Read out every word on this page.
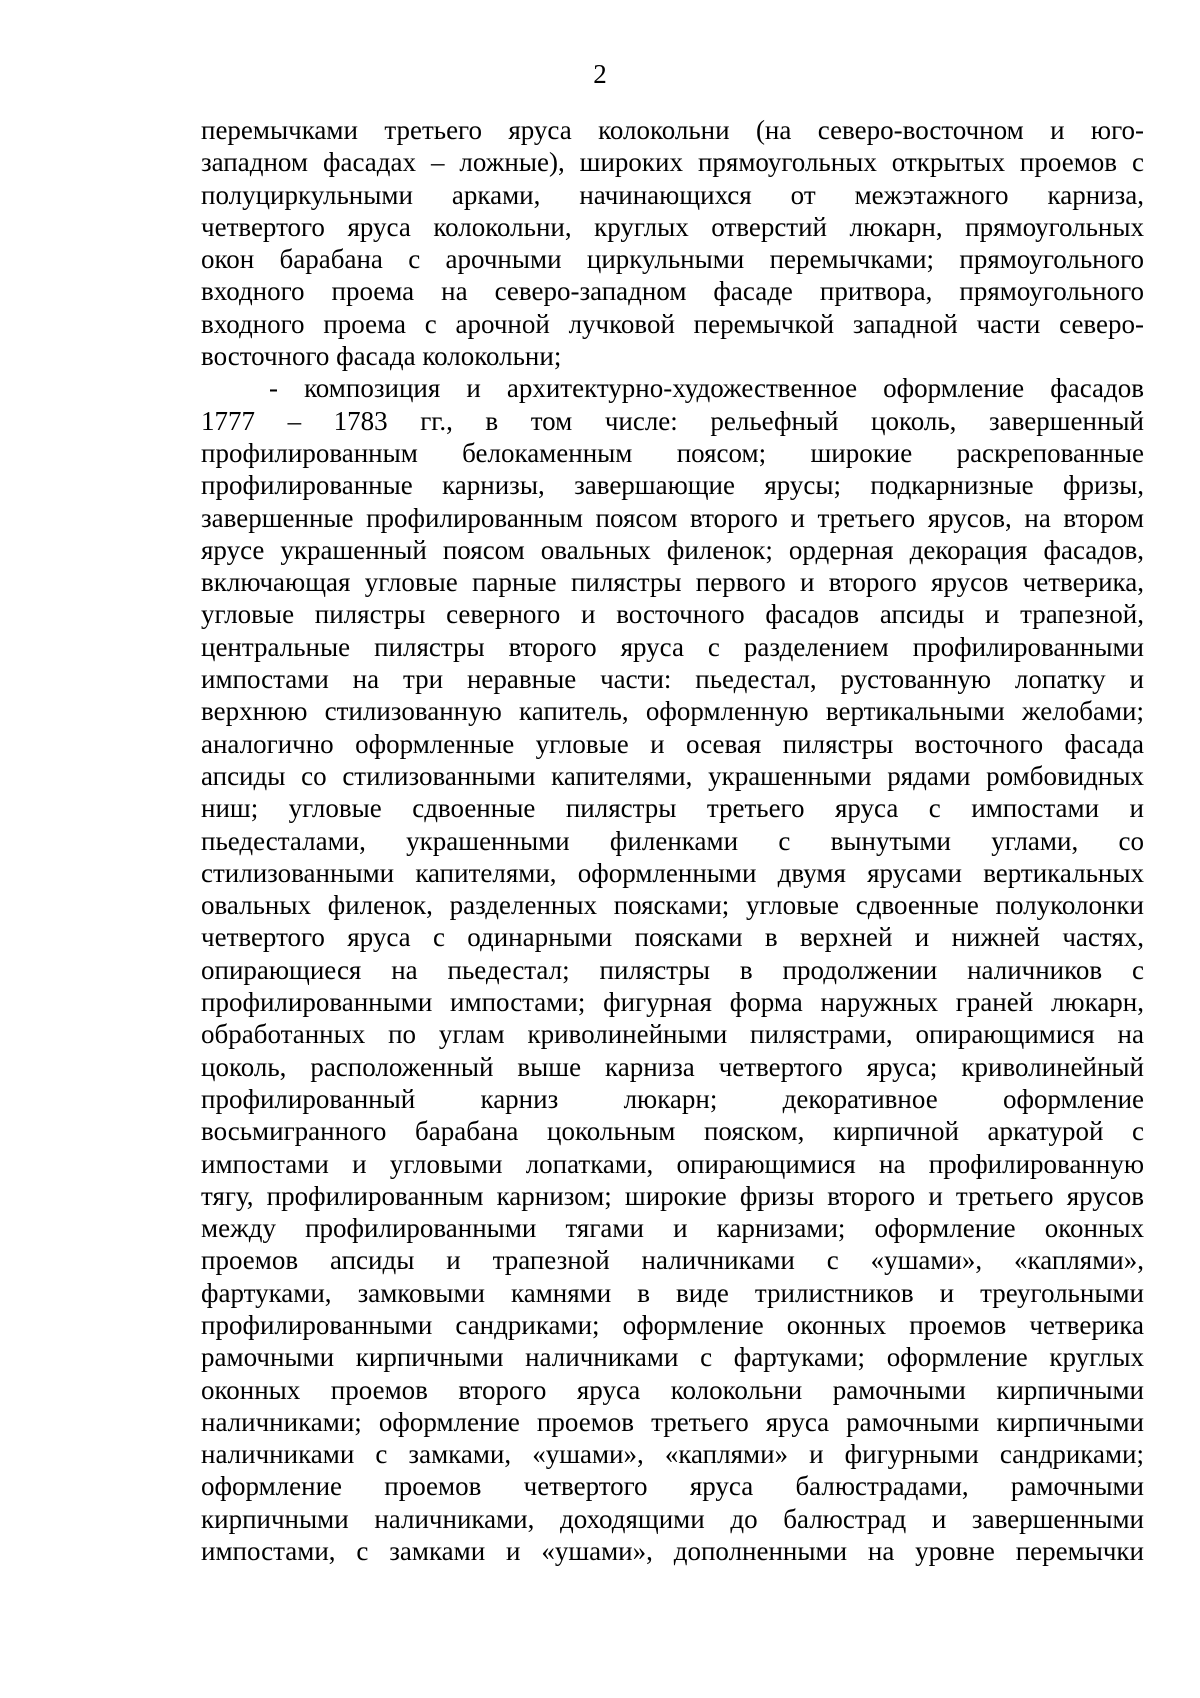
2
перемычками третьего яруса колокольни (на северо-восточном и юго-
западном фасадах – ложные), широких прямоугольных открытых проемов с
полуциркульными арками, начинающихся от межэтажного карниза,
четвертого яруса колокольни, круглых отверстий люкарн, прямоугольных
окон барабана с арочными циркульными перемычками; прямоугольного
входного проема на северо-западном фасаде притвора, прямоугольного
входного проема с арочной лучковой перемычкой западной части северо-
восточного фасада колокольни;
- композиция и архитектурно-художественное оформление фасадов
1777 – 1783 гг., в том числе: рельефный цоколь, завершенный
профилированным белокаменным поясом; широкие раскрепованные
профилированные карнизы, завершающие ярусы; подкарнизные фризы,
завершенные профилированным поясом второго и третьего ярусов, на втором
ярусе украшенный поясом овальных филенок; ордерная декорация фасадов,
включающая угловые парные пилястры первого и второго ярусов четверика,
угловые пилястры северного и восточного фасадов апсиды и трапезной,
центральные пилястры второго яруса с разделением профилированными
импостами на три неравные части: пьедестал, рустованную лопатку и
верхнюю стилизованную капитель, оформленную вертикальными желобами;
аналогично оформленные угловые и осевая пилястры восточного фасада
апсиды со стилизованными капителями, украшенными рядами ромбовидных
ниш; угловые сдвоенные пилястры третьего яруса с импостами и
пьедесталами, украшенными филенками с вынутыми углами, со
стилизованными капителями, оформленными двумя ярусами вертикальных
овальных филенок, разделенных поясками; угловые сдвоенные полуколонки
четвертого яруса с одинарными поясками в верхней и нижней частях,
опирающиеся на пьедестал; пилястры в продолжении наличников с
профилированными импостами; фигурная форма наружных граней люкарн,
обработанных по углам криволинейными пилястрами, опирающимися на
цоколь, расположенный выше карниза четвертого яруса; криволинейный
профилированный карниз люкарн; декоративное оформление
восьмигранного барабана цокольным пояском, кирпичной аркатурой с
импостами и угловыми лопатками, опирающимися на профилированную
тягу, профилированным карнизом; широкие фризы второго и третьего ярусов
между профилированными тягами и карнизами; оформление оконных
проемов апсиды и трапезной наличниками с «ушами», «каплями»,
фартуками, замковыми камнями в виде трилистников и треугольными
профилированными сандриками; оформление оконных проемов четверика
рамочными кирпичными наличниками с фартуками; оформление круглых
оконных проемов второго яруса колокольни рамочными кирпичными
наличниками; оформление проемов третьего яруса рамочными кирпичными
наличниками с замками, «ушами», «каплями» и фигурными сандриками;
оформление проемов четвертого яруса балюстрадами, рамочными
кирпичными наличниками, доходящими до балюстрад и завершенными
импостами, с замками и «ушами», дополненными на уровне перемычки
